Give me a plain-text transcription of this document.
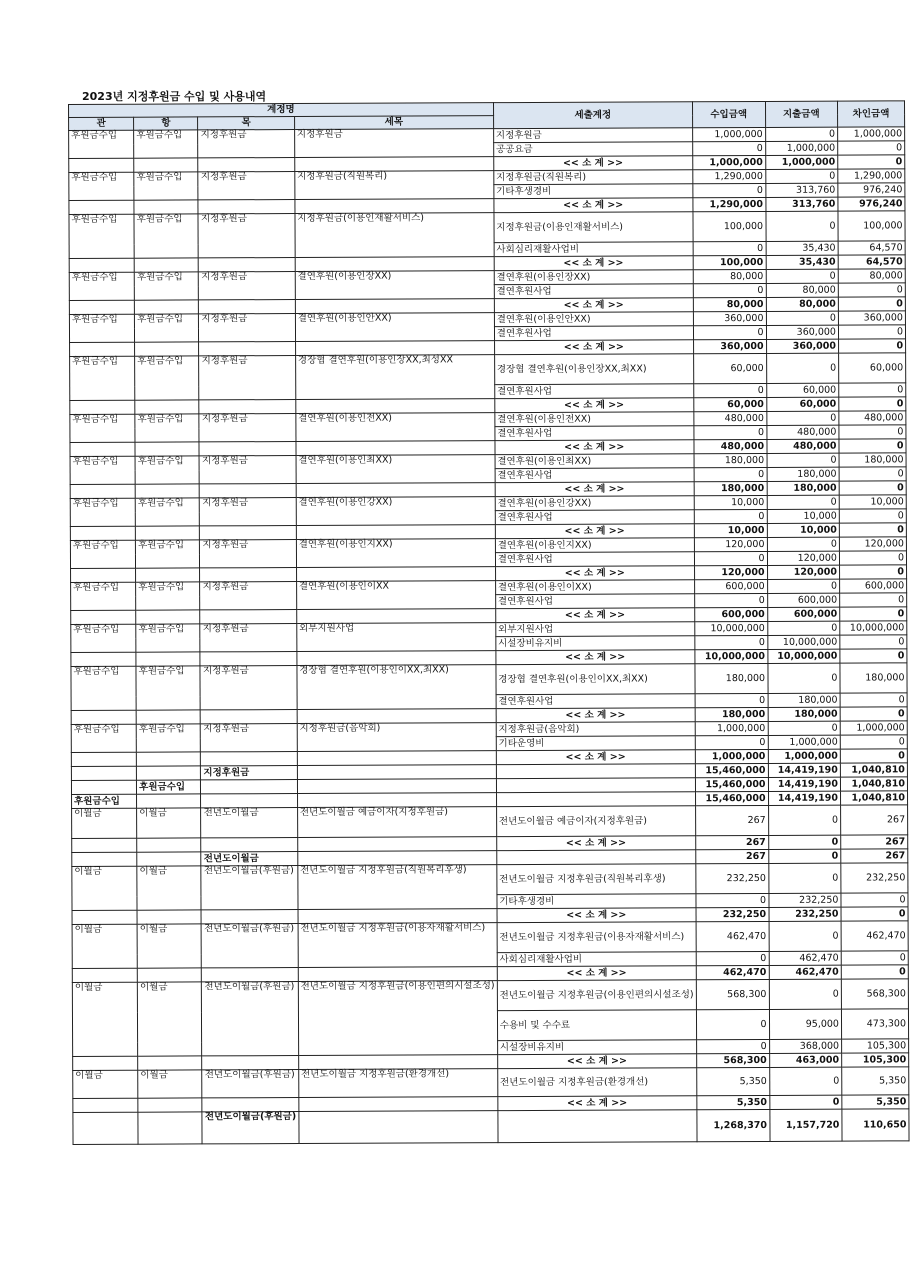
2023년 지정후원금 수입 및 사용내역
계정명				세출계정	수입금액	지출금액	차인금액
관	항	목	세목				
후원금수입	후원금수입	지정후원금	지정후원금	지정후원금	1,000,000	0	1,000,000
				공공요금	0	1,000,000	0
				<< 소 계 >>	1,000,000	1,000,000	0
후원금수입	후원금수입	지정후원금	지정후원금(직원복리)	지정후원금(직원복리)	1,290,000	0	1,290,000
				기타후생경비	0	313,760	976,240
				<< 소 계 >>	1,290,000	313,760	976,240
후원금수입	후원금수입	지정후원금	지정후원금(이용인재활서비스)	지정후원금(이용인재활서비스)	100,000	0	100,000
				사회심리재활사업비	0	35,430	64,570
				<< 소 계 >>	100,000	35,430	64,570
후원금수입	후원금수입	지정후원금	결연후원(이용인장XX)	결연후원(이용인장XX)	80,000	0	80,000
				결연후원사업	0	80,000	0
				<< 소 계 >>	80,000	80,000	0
후원금수입	후원금수입	지정후원금	결연후원(이용인안XX)	결연후원(이용인안XX)	360,000	0	360,000
				결연후원사업	0	360,000	0
				<< 소 계 >>	360,000	360,000	0
후원금수입	후원금수입	지정후원금	경장협 결연후원(이용인장XX,최성XX	경장협 결연후원(이용인장XX,최XX)	60,000	0	60,000
				결연후원사업	0	60,000	0
				<< 소 계 >>	60,000	60,000	0
후원금수입	후원금수입	지정후원금	결연후원(이용인전XX)	결연후원(이용인전XX)	480,000	0	480,000
				결연후원사업	0	480,000	0
				<< 소 계 >>	480,000	480,000	0
후원금수입	후원금수입	지정후원금	결연후원(이용인최XX)	결연후원(이용인최XX)	180,000	0	180,000
				결연후원사업	0	180,000	0
				<< 소 계 >>	180,000	180,000	0
후원금수입	후원금수입	지정후원금	결연후원(이용인강XX)	결연후원(이용인강XX)	10,000	0	10,000
				결연후원사업	0	10,000	0
				<< 소 계 >>	10,000	10,000	0
후원금수입	후원금수입	지정후원금	결연후원(이용인지XX)	결연후원(이용인지XX)	120,000	0	120,000
				결연후원사업	0	120,000	0
				<< 소 계 >>	120,000	120,000	0
후원금수입	후원금수입	지정후원금	결연후원(이용인이XX	결연후원(이용인이XX)	600,000	0	600,000
				결연후원사업	0	600,000	0
				<< 소 계 >>	600,000	600,000	0
후원금수입	후원금수입	지정후원금	외부지원사업	외부지원사업	10,000,000	0	10,000,000
				시설장비유지비	0	10,000,000	0
				<< 소 계 >>	10,000,000	10,000,000	0
후원금수입	후원금수입	지정후원금	경장협 결연후원(이용인이XX,최XX)	경장협 결연후원(이용인이XX,최XX)	180,000	0	180,000
				결연후원사업	0	180,000	0
				<< 소 계 >>	180,000	180,000	0
후원금수입	후원금수입	지정후원금	지정후원금(음악회)	지정후원금(음악회)	1,000,000	0	1,000,000
				기타운영비	0	1,000,000	0
				<< 소 계 >>	1,000,000	1,000,000	0
		지정후원금			15,460,000	14,419,190	1,040,810
	후원금수입				15,460,000	14,419,190	1,040,810
후원금수입					15,460,000	14,419,190	1,040,810
이월금	이월금	전년도이월금	전년도이월금 예금이자(지정후원금)	전년도이월금 예금이자(지정후원금)	267	0	267
				<< 소 계 >>	267	0	267
		전년도이월금			267	0	267
이월금	이월금	전년도이월금(후원금)	전년도이월금 지정후원금(직원복리후생)	전년도이월금 지정후원금(직원복리후생)	232,250	0	232,250
				기타후생경비	0	232,250	0
				<< 소 계 >>	232,250	232,250	0
이월금	이월금	전년도이월금(후원금)	전년도이월금 지정후원금(이용자재활서비스)	전년도이월금 지정후원금(이용자재활서비스)	462,470	0	462,470
				사회심리재활사업비	0	462,470	0
				<< 소 계 >>	462,470	462,470	0
이월금	이월금	전년도이월금(후원금)	전년도이월금 지정후원금(이용인편의시설조성)	전년도이월금 지정후원금(이용인편의시설조성)	568,300	0	568,300
				수용비 및 수수료	0	95,000	473,300
				시설장비유지비	0	368,000	105,300
				<< 소 계 >>	568,300	463,000	105,300
이월금	이월금	전년도이월금(후원금)	전년도이월금 지정후원금(환경개선)	전년도이월금 지정후원금(환경개선)	5,350	0	5,350
				<< 소 계 >>	5,350	0	5,350
		전년도이월금(후원금)			1,268,370	1,157,720	110,650
